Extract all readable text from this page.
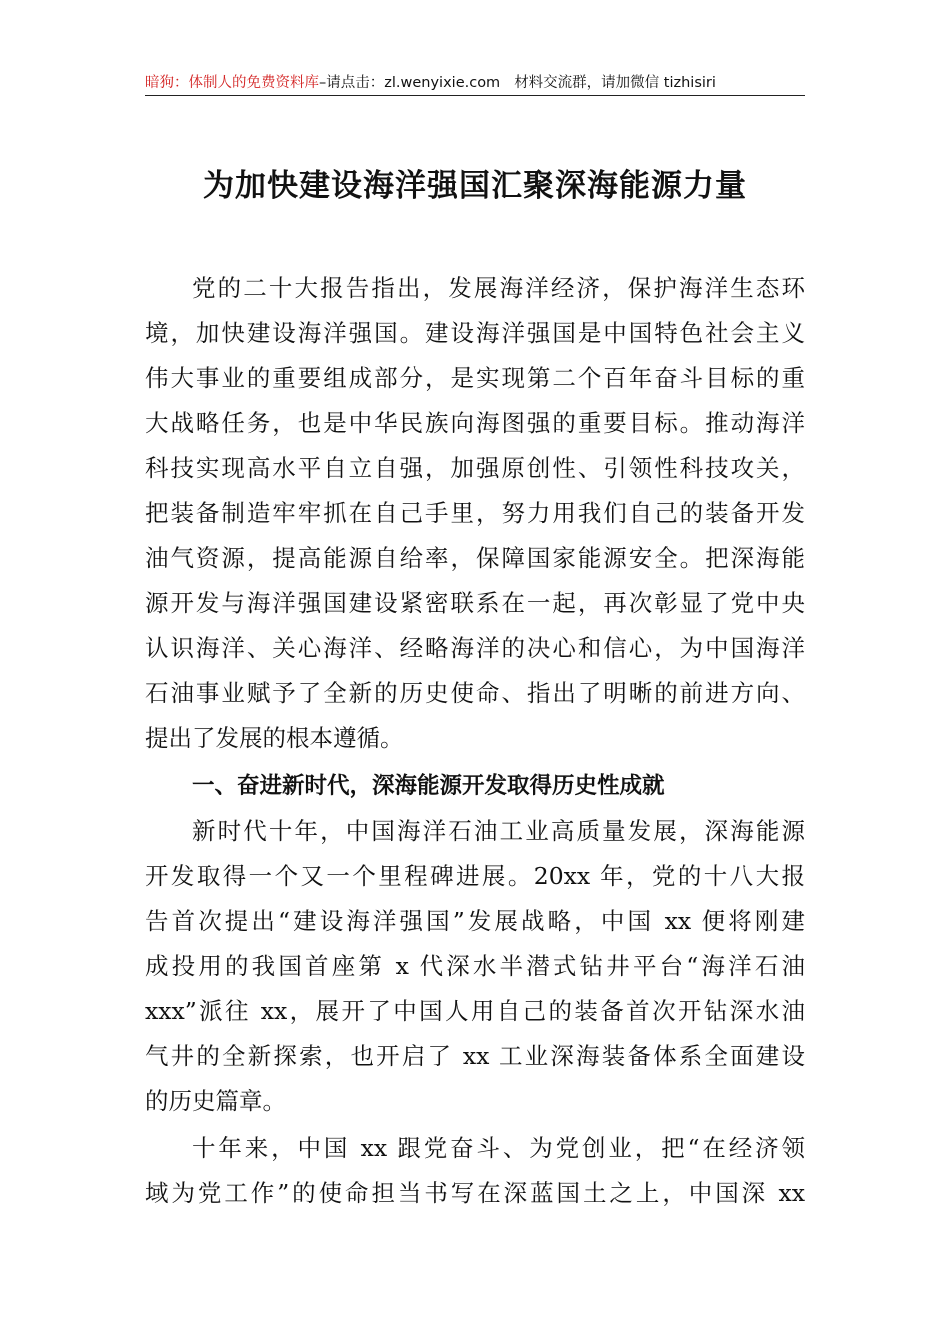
暗狗：体制人的免费资料库–请点击：zl.wenyixie.com 材料交流群，请加微信 tizhisiri
为加快建设海洋强国汇聚深海能源力量
党的二十大报告指出，发展海洋经济，保护海洋生态环
境，加快建设海洋强国。建设海洋强国是中国特色社会主义
伟大事业的重要组成部分，是实现第二个百年奋斗目标的重
大战略任务，也是中华民族向海图强的重要目标。推动海洋
科技实现高水平自立自强，加强原创性、引领性科技攻关，
把装备制造牢牢抓在自己手里，努力用我们自己的装备开发
油气资源，提高能源自给率，保障国家能源安全。把深海能
源开发与海洋强国建设紧密联系在一起，再次彰显了党中央
认识海洋、关心海洋、经略海洋的决心和信心，为中国海洋
石油事业赋予了全新的历史使命、指出了明晰的前进方向、
提出了发展的根本遵循。
一、奋进新时代，深海能源开发取得历史性成就
新时代十年，中国海洋石油工业高质量发展，深海能源
开发取得一个又一个里程碑进展。20xx 年，党的十八大报
告首次提出“建设海洋强国”发展战略，中国 xx 便将刚建
成投用的我国首座第 x 代深水半潜式钻井平台“海洋石油
xxx”派往 xx，展开了中国人用自己的装备首次开钻深水油
气井的全新探索，也开启了 xx 工业深海装备体系全面建设
的历史篇章。
十年来，中国 xx 跟党奋斗、为党创业，把“在经济领
域为党工作”的使命担当书写在深蓝国土之上，中国深 xx
